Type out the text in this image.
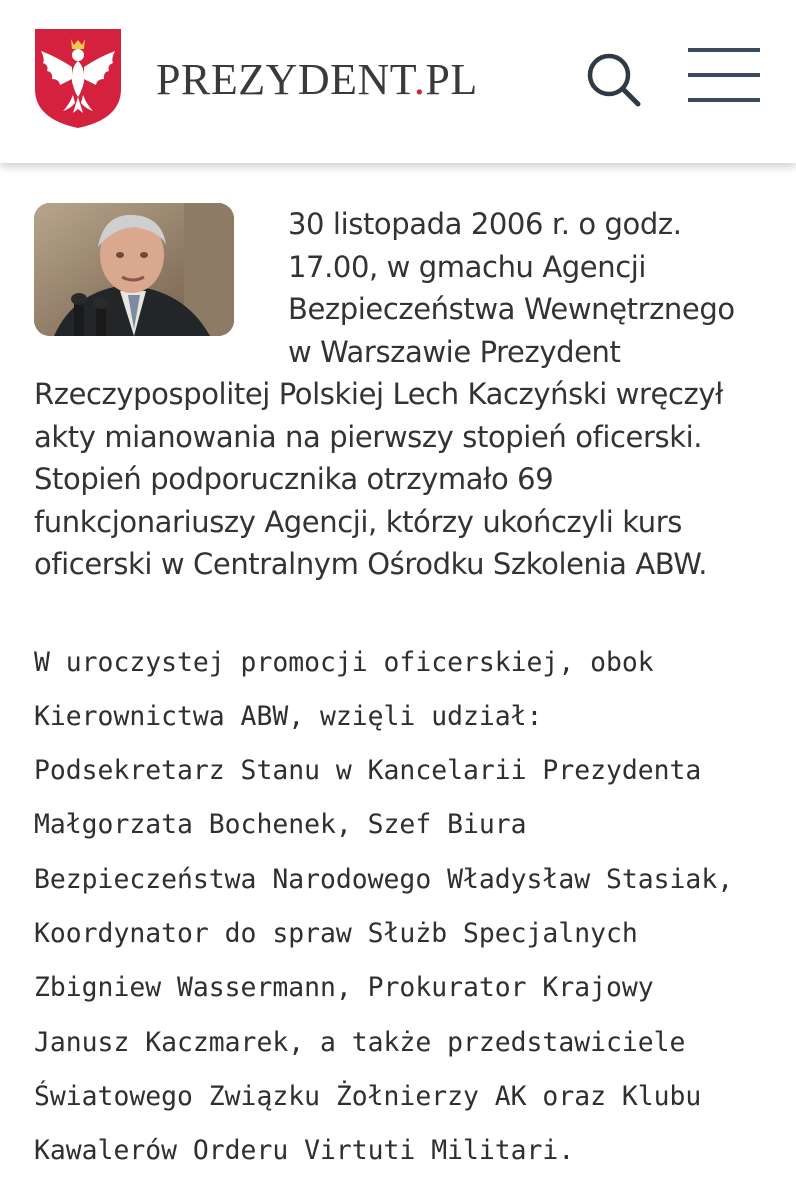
PREZYDENT.PL

30 listopada 2006 r. o godz. 17.00, w gmachu Agencji Bezpieczeństwa Wewnętrznego w Warszawie Prezydent Rzeczypospolitej Polskiej Lech Kaczyński wręczył akty mianowania na pierwszy stopień oficerski. Stopień podporucznika otrzymało 69 funkcjonariuszy Agencji, którzy ukończyli kurs oficerski w Centralnym Ośrodku Szkolenia ABW.

W uroczystej promocji oficerskiej, obok Kierownictwa ABW, wzięli udział:  Podsekretarz Stanu w Kancelarii Prezydenta Małgorzata Bochenek, Szef Biura Bezpieczeństwa Narodowego Władysław Stasiak, Koordynator do spraw Służb Specjalnych Zbigniew Wassermann, Prokurator Krajowy Janusz Kaczmarek, a także przedstawiciele Światowego Związku Żołnierzy AK oraz Klubu Kawalerów Orderu Virtuti Militari.
